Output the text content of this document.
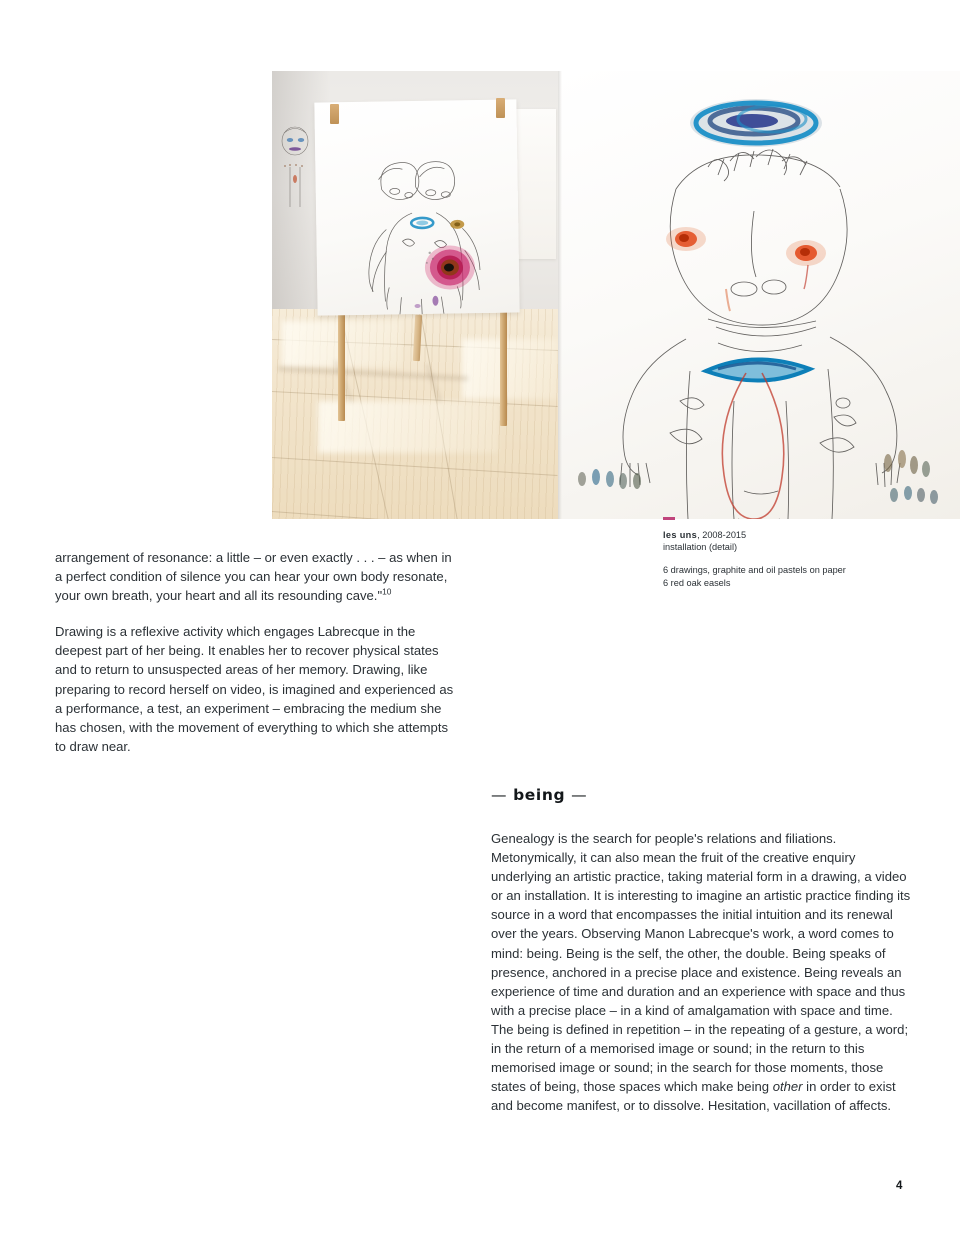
les uns, 2008-2015
installation (detail)
6 drawings, graphite and oil pastels on paper
6 red oak easels

arrangement of resonance: a little – or even exactly . . . – as when in a perfect condition of silence you can hear your own body resonate, your own breath, your heart and all its resounding cave."$^{10}$

Drawing is a reflexive activity which engages Labrecque in the deepest part of her being. It enables her to recover physical states and to return to unsuspected areas of her memory. Drawing, like preparing to record herself on video, is imagined and experienced as a performance, a test, an experiment – embracing the medium she has chosen, with the movement of everything to which she attempts to draw near.

— being —

Genealogy is the search for people's relations and filiations. Metonymically, it can also mean the fruit of the creative enquiry underlying an artistic practice, taking material form in a drawing, a video or an installation. It is interesting to imagine an artistic practice finding its source in a word that encompasses the initial intuition and its renewal over the years. Observing Manon Labrecque's work, a word comes to mind: being. Being is the self, the other, the double. Being speaks of presence, anchored in a precise place and existence. Being reveals an experience of time and duration and an experience with space and thus with a precise place – in a kind of amalgamation with space and time. The being is defined in repetition – in the repeating of a gesture, a word; in the return of a memorised image or sound; in the return to this memorised image or sound; in the search for those moments, those states of being, those spaces which make being other in order to exist and become manifest, or to dissolve. Hesitation, vacillation of affects.

4
